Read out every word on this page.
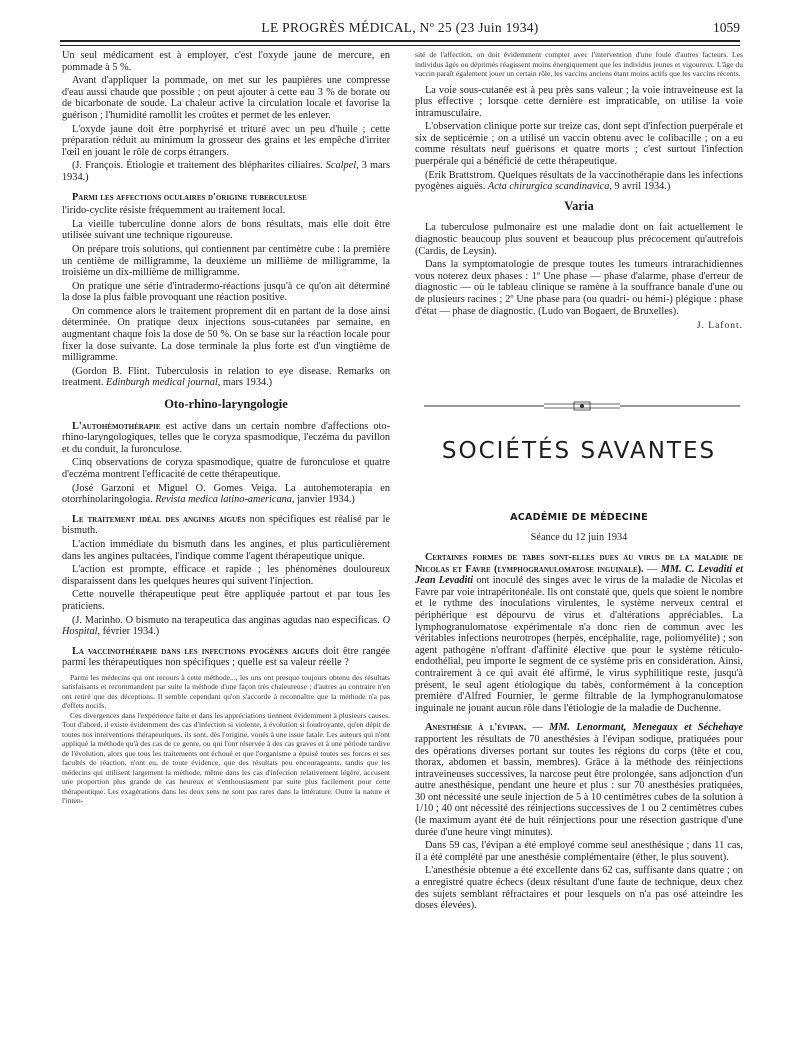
LE PROGRÈS MÉDICAL, Nº 25 (23 Juin 1934)	1059

Un seul médicament est à employer, c'est l'oxyde jaune de mercure, en pommade à 5 %.

Avant d'appliquer la pommade, on met sur les paupières une compresse d'eau aussi chaude que possible ; on peut ajouter à cette eau 3 % de borate ou de bicarbonate de soude. La chaleur active la circulation locale et favorise la guérison ; l'humidité ramollit les croûtes et permet de les enlever.

L'oxyde jaune doit être porphyrisé et trituré avec un peu d'huile ; cette préparation réduit au minimum la grosseur des grains et les empêche d'irriter l'œil en jouant le rôle de corps étrangers.

(J. François. Étiologie et traitement des blépharites ciliaires. Scalpel, 3 mars 1934.)

Parmi les affections oculaires d'origine tuberculeuse

l'irido-cyclite résiste fréquemment au traitement local.

La vieille tuberculine donne alors de bons résultats, mais elle doit être utilisée suivant une technique rigoureuse.

On prépare trois solutions, qui contiennent par centimètre cube : la première un centième de milligramme, la deuxième un millième de milligramme, la troisième un dix-millième de milligramme.

On pratique une série d'intradermo-réactions jusqu'à ce qu'on ait déterminé la dose la plus faible provoquant une réaction positive.

On commence alors le traitement proprement dit en partant de la dose ainsi déterminée. On pratique deux injections sous-cutanées par semaine, en augmentant chaque fois la dose de 50 %. On se base sur la réaction locale pour fixer la dose suivante. La dose terminale la plus forte est d'un vingtième de milligramme.

(Gordon B. Flint. Tuberculosis in relation to eye disease. Remarks on treatment. Edinburgh medical journal, mars 1934.)

Oto-rhino-laryngologie

L'autohémothérapie est active dans un certain nombre d'affections oto-rhino-laryngologiques, telles que le coryza spasmodique, l'eczéma du pavillon et du conduit, la furonculose.

Cinq observations de coryza spasmodique, quatre de furonculose et quatre d'eczéma montrent l'efficacité de cette thérapeutique.

(José Garzoni et Miguel O. Gomes Veiga. La autohemoterapia en otorrhinolaringologia. Revista medica latino-americana, janvier 1934.)

Le traitement idéal des angines aiguës non spécifiques est réalisé par le bismuth.

L'action immédiate du bismuth dans les angines, et plus particulièrement dans les angines pultacées, l'indique comme l'agent thérapeutique unique.

L'action est prompte, efficace et rapide ; les phénomènes douloureux disparaissent dans les quelques heures qui suivent l'injection.

Cette nouvelle thérapeutique peut être appliquée partout et par tous les praticiens.

(J. Marinho. O bismuto na terapeutica das anginas agudas nao especificas. O Hospital, février 1934.)

La vaccinothérapie dans les infections pyogènes aiguës doit être rangée parmi les thérapeutiques non spécifiques ; quelle est sa valeur réelle ?

Parmi les médecins qui ont recours à cette méthode..., les uns ont presque toujours obtenu des résultats satisfaisants et recommandent par suite la méthode d'une façon très chaleureuse ; d'autres au contraire n'en ont retiré que des déceptions. Il semble cependant qu'on s'accorde à reconnaître que la méthode n'a pas d'effets nocifs.

Ces divergences dans l'expérience faite et dans les appréciations tiennent évidemment à plusieurs causes. Tout d'abord, il existe évidemment des cas d'infection si violente, à évolution si foudroyante, qu'en dépit de toutes nos interventions thérapeutiques, ils sont, dès l'origine, voués à une issue fatale. Les auteurs qui n'ont appliqué la méthode qu'à des cas de ce genre, ou qui l'ont réservée à des cas graves et à une période tardive de l'évolution, alors que tous les traitements ont échoué et que l'organisme a épuisé toutes ses forces et ses facultés de réaction, n'ont eu, de toute évidence, que des résultats peu encourageants, tandis que les médecins qui utilisent largement la méthode, même dans les cas d'infection relativement légère, accusent une proportion plus grande de cas heureux et s'enthousiasment par suite plus facilement pour cette thérapeutique. Les exagérations dans les deux sens ne sont pas rares dans la littérature. Outre la nature et l'inten-

sité de l'affection, on doit évidemment compter avec l'intervention d'une foule d'autres facteurs. Les individus âgés ou déprimés réagissent moins énergiquement que les individus jeunes et vigoureux. L'âge du vaccin paraît également jouer un certain rôle, les vaccins anciens étant moins actifs que les vaccins récents.

La voie sous-cutanée est à peu près sans valeur ; la voie intraveineuse est la plus effective ; lorsque cette dernière est impraticable, on utilise la voie intramusculaire.

L'observation clinique porte sur treize cas, dont sept d'infection puerpérale et six de septicémie ; on a utilisé un vaccin obtenu avec le colibacille ; on a eu comme résultats neuf guérisons et quatre morts ; c'est surtout l'infection puerpérale qui a bénéficié de cette thérapeutique.

(Erik Brattstrom. Quelques résultats de la vaccinothérapie dans les infections pyogènes aiguës. Acta chirurgica scandinavica, 9 avril 1934.)

Varia

La tuberculose pulmonaire est une maladie dont on fait actuellement le diagnostic beaucoup plus souvent et beaucoup plus précocement qu'autrefois (Cardis, de Leysin).

Dans la symptomatologie de presque toutes les tumeurs intrarachidiennes vous noterez deux phases : 1º Une phase — phase d'alarme, phase d'erreur de diagnostic — où le tableau clinique se ramène à la souffrance banale d'une ou de plusieurs racines ; 2º Une phase para (ou quadri- ou hémi-) plégique : phase d'état — phase de diagnostic. (Ludo van Bogaert, de Bruxelles).

J. Lafont.
SOCIÉTÉS SAVANTES
ACADÉMIE DE MÉDECINE
Séance du 12 juin 1934

Certaines formes de tabes sont-elles dues au virus de la maladie de Nicolas et Favre (lymphogranulomatose inguinale). — MM. C. Levaditi et Jean Levaditi ont inoculé des singes avec le virus de la maladie de Nicolas et Favre par voie intrapéritonéale. Ils ont constaté que, quels que soient le nombre et le rythme des inoculations virulentes, le système nerveux central et périphérique est dépourvu de virus et d'altérations appréciables. La lymphogranulomatose expérimentale n'a donc rien de commun avec les véritables infections neurotropes (herpès, encéphalite, rage, poliomyélite) ; son agent pathogène n'offrant d'affinité élective que pour le système réticulo-endothélial, peu importe le segment de ce système pris en considération. Ainsi, contrairement à ce qui avait été affirmé, le virus syphilitique reste, jusqu'à présent, le seul agent étiologique du tabès, conformément à la conception première d'Alfred Fournier, le germe filtrable de la lymphogranulomatose inguinale ne jouant aucun rôle dans l'étiologie de la maladie de Duchenne.

Anesthésie à l'évipan. — MM. Lenormant, Menegaux et Séchehaye rapportent les résultats de 70 anesthésies à l'évipan sodique, pratiquées pour des opérations diverses portant sur toutes les régions du corps (tête et cou, thorax, abdomen et bassin, membres). Grâce à la méthode des réinjections intraveineuses successives, la narcose peut être prolongée, sans adjonction d'un autre anesthésique, pendant une heure et plus : sur 70 anesthésies pratiquées, 30 ont nécessité une seule injection de 5 à 10 centimètres cubes de la solution à 1/10 ; 40 ont nécessité des réinjections successives de 1 ou 2 centimètres cubes (le maximum ayant été de huit réinjections pour une résection gastrique d'une durée d'une heure vingt minutes).

Dans 59 cas, l'évipan a été employé comme seul anesthésique ; dans 11 cas, il a été complété par une anesthésie complémentaire (éther, le plus souvent).

L'anesthésie obtenue a été excellente dans 62 cas, suffisante dans quatre ; on a enregistré quatre échecs (deux résultant d'une faute de technique, deux chez des sujets semblant réfractaires et pour lesquels on n'a pas osé atteindre les doses élevées).
